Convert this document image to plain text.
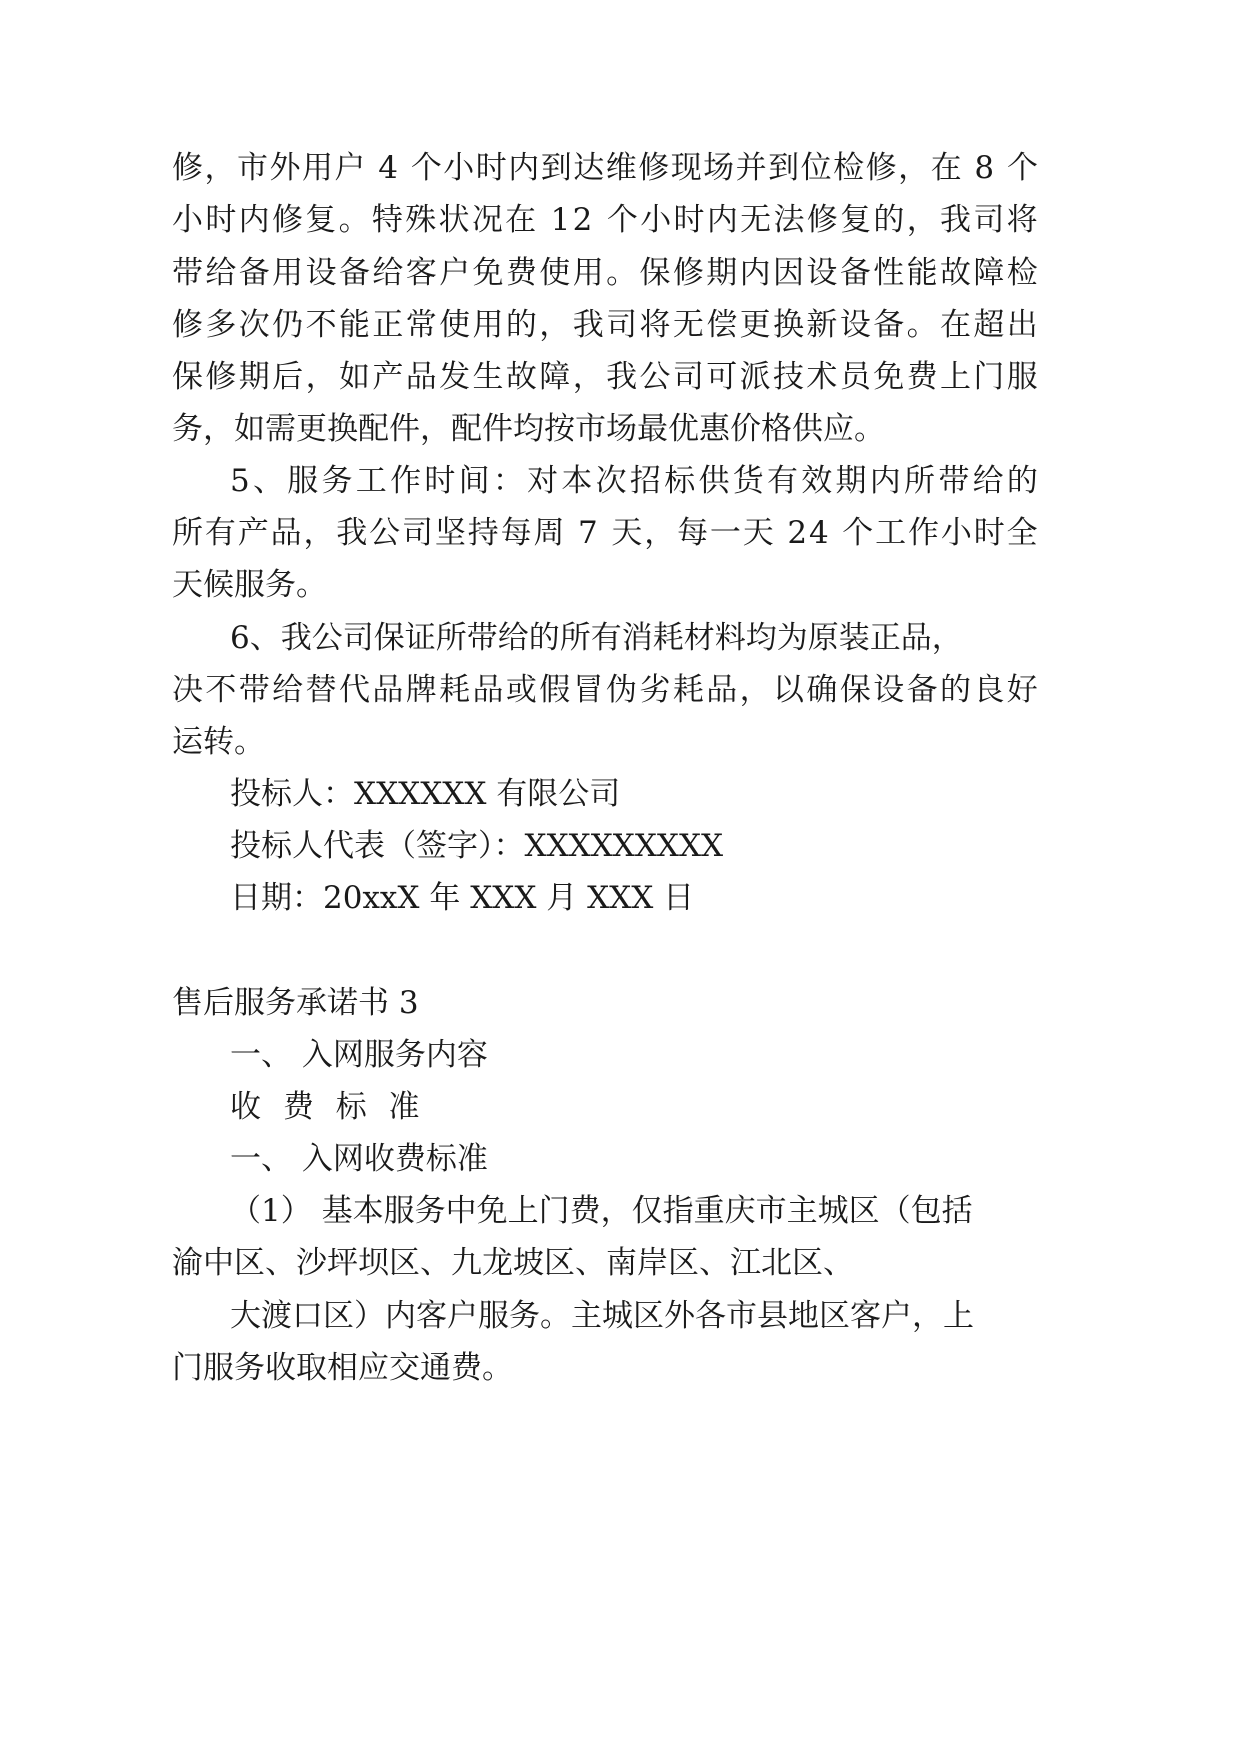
修 ， 市 外 用 户
4
个 小 时 内 到 达 维 修 现 场 并 到 位 检 修 ， 在
8
个
小 时 内 修 复 。 特 殊 状 况 在
1 2
个 小 时 内 无 法 修 复 的 ， 我 司 将
带 给 备 用 设 备 给 客 户 免 费 使 用 。 保 修 期 内 因 设 备 性 能 故 障 检
修 多 次 仍 不 能 正 常 使 用 的 ， 我 司 将 无 偿 更 换 新 设 备 。 在 超 出
保 修 期 后 ， 如 产 品 发 生 故 障 ， 我 公 司 可 派 技 术 员 免 费 上 门 服
务，如需更换配件，配件均按市场最优惠价格供应。
5 、 服 务 工 作 时 间 ： 对 本 次 招 标 供 货 有 效 期 内 所 带 给 的
所 有 产 品 ， 我 公 司 坚 持 每 周
7
天 ， 每 一 天
2 4
个 工 作 小 时 全
天候服务。
6、我公司保证所带给的所有消耗材料均为原装正品，
决 不 带 给 替 代 品 牌 耗 品 或 假 冒 伪 劣 耗 品 ， 以 确 保 设 备 的 良 好
运转。
投标人：XXXXXX 有限公司
投标人代表（签字）：XXXXXXXXX
日期：20xxX 年 XXX 月 XXX 日
售后服务承诺书 3
一、 入网服务内容
收 费 标 准
一、 入网收费标准
（1） 基本服务中免上门费，仅指重庆市主城区（包括
渝中区、沙坪坝区、九龙坡区、南岸区、江北区、
大渡口区）内客户服务。主城区外各市县地区客户，上
门服务收取相应交通费。
